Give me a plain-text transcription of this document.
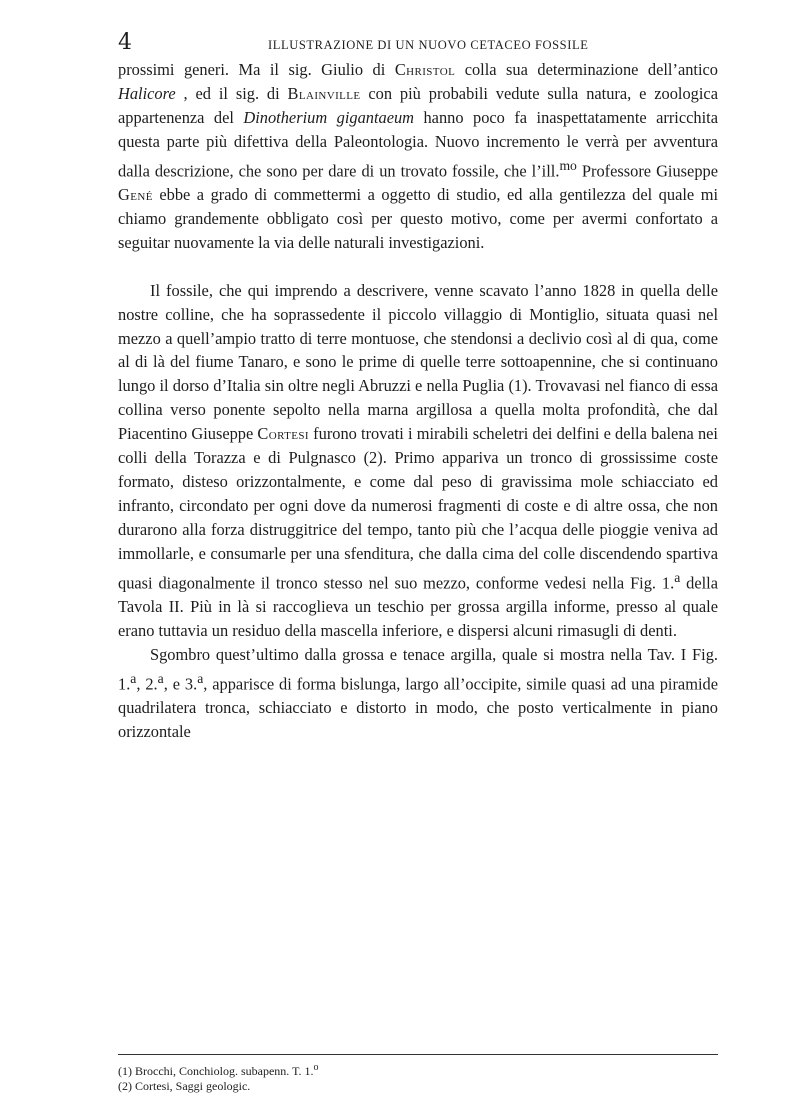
4	ILLUSTRAZIONE DI UN NUOVO CETACEO FOSSILE

prossimi generi. Ma il sig. Giulio di Christol colla sua determinazione dell’antico Halicore , ed il sig. di Blainville con più probabili vedute sulla natura, e zoologica appartenenza del Dinotherium gigantaeum hanno poco fa inaspettatamente arricchita questa parte più difettiva della Paleontologia. Nuovo incremento le verrà per avventura dalla descrizione, che sono per dare di un trovato fossile, che l’ill.$^{mo}$ Professore Giuseppe Gené ebbe a grado di commettermi a oggetto di studio, ed alla gentilezza del quale mi chiamo grandemente obbligato così per questo motivo, come per avermi confortato a seguitar nuovamente la via delle naturali investigazioni.

Il fossile, che qui imprendo a descrivere, venne scavato l’anno 1828 in quella delle nostre colline, che ha soprassedente il piccolo villaggio di Montiglio, situata quasi nel mezzo a quell’ampio tratto di terre montuose, che stendonsi a declivio così al di qua, come al di là del fiume Tanaro, e sono le prime di quelle terre sottoapennine, che si continuano lungo il dorso d’Italia sin oltre negli Abruzzi e nella Puglia (1). Trovavasi nel fianco di essa collina verso ponente sepolto nella marna argillosa a quella molta profondità, che dal Piacentino Giuseppe Cortesi furono trovati i mirabili scheletri dei delfini e della balena nei colli della Torazza e di Pulgnasco (2). Primo appariva un tronco di grossissime coste formato, disteso orizzontalmente, e come dal peso di gravissima mole schiacciato ed infranto, circondato per ogni dove da numerosi fragmenti di coste e di altre ossa, che non durarono alla forza distruggitrice del tempo, tanto più che l’acqua delle pioggie veniva ad immollarle, e consumarle per una sfenditura, che dalla cima del colle discendendo spartiva quasi diagonalmente il tronco stesso nel suo mezzo, conforme vedesi nella Fig. 1.$^a$ della Tavola II. Più in là si raccoglieva un teschio per grossa argilla informe, presso al quale erano tuttavia un residuo della mascella inferiore, e dispersi alcuni rimasugli di denti.

Sgombro quest’ultimo dalla grossa e tenace argilla, quale si mostra nella Tav. I Fig. 1.$^a$, 2.$^a$, e 3.$^a$, apparisce di forma bislunga, largo all’occipite, simile quasi ad una piramide quadrilatera tronca, schiacciato e distorto in modo, che posto verticalmente in piano orizzontale

(1) Brocchi, Conchiolog. subapenn. T. 1.$^o$
(2) Cortesi, Saggi geologic.
